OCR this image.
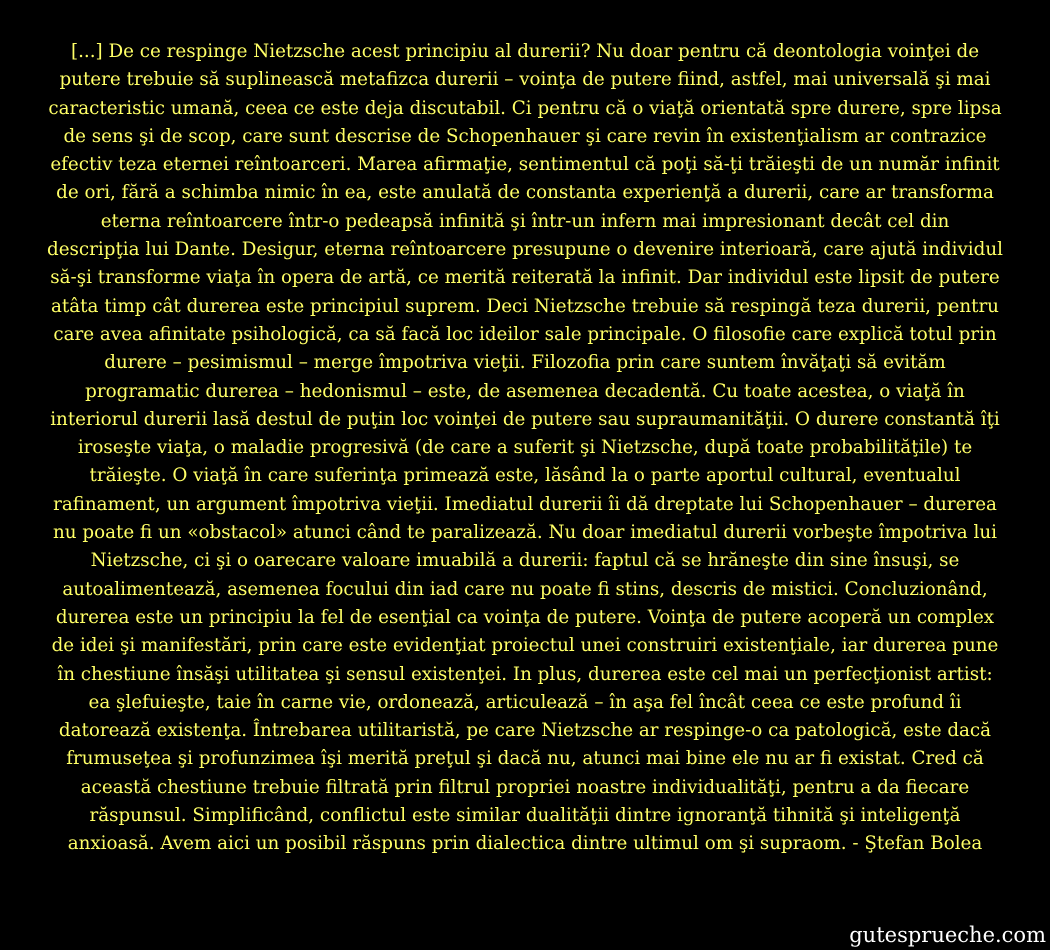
[...] De ce respinge Nietzsche acest principiu al durerii? Nu doar pentru că deontologia voinţei de
putere trebuie să suplinească metafizca durerii – voinţa de putere fiind, astfel, mai universală şi mai
caracteristic umană, ceea ce este deja discutabil. Ci pentru că o viaţă orientată spre durere, spre lipsa
de sens şi de scop, care sunt descrise de Schopenhauer şi care revin în existenţialism ar contrazice
efectiv teza eternei reîntoarceri. Marea afirmaţie, sentimentul că poţi să-ţi trăieşti de un număr infinit
de ori, fără a schimba nimic în ea, este anulată de constanta experienţă a durerii, care ar transforma
eterna reîntoarcere într-o pedeapsă infinită şi într-un infern mai impresionant decât cel din
descripţia lui Dante. Desigur, eterna reîntoarcere presupune o devenire interioară, care ajută individul
să-şi transforme viaţa în opera de artă, ce merită reiterată la infinit. Dar individul este lipsit de putere
atâta timp cât durerea este principiul suprem. Deci Nietzsche trebuie să respingă teza durerii, pentru
care avea afinitate psihologică, ca să facă loc ideilor sale principale. O filosofie care explică totul prin
durere – pesimismul – merge împotriva vieţii. Filozofia prin care suntem învăţaţi să evităm
programatic durerea – hedonismul – este, de asemenea decadentă. Cu toate acestea, o viaţă în
interiorul durerii lasă destul de puţin loc voinţei de putere sau supraumanităţii. O durere constantă îţi
iroseşte viaţa, o maladie progresivă (de care a suferit şi Nietzsche, după toate probabilităţile) te
trăieşte. O viaţă în care suferinţa primează este, lăsând la o parte aportul cultural, eventualul
rafinament, un argument împotriva vieţii. Imediatul durerii îi dă dreptate lui Schopenhauer – durerea
nu poate fi un «obstacol» atunci când te paralizează. Nu doar imediatul durerii vorbeşte împotriva lui
Nietzsche, ci şi o oarecare valoare imuabilă a durerii: faptul că se hrăneşte din sine însuşi, se
autoalimentează, asemenea focului din iad care nu poate fi stins, descris de mistici. Concluzionând,
durerea este un principiu la fel de esenţial ca voinţa de putere. Voinţa de putere acoperă un complex
de idei şi manifestări, prin care este evidenţiat proiectul unei construiri existenţiale, iar durerea pune
în chestiune însăşi utilitatea şi sensul existenţei. In plus, durerea este cel mai un perfecţionist artist:
ea şlefuieşte, taie în carne vie, ordonează, articulează – în aşa fel încât ceea ce este profund îi
datorează existenţa. Întrebarea utilitaristă, pe care Nietzsche ar respinge-o ca patologică, este dacă
frumuseţea şi profunzimea îşi merită preţul şi dacă nu, atunci mai bine ele nu ar fi existat. Cred că
această chestiune trebuie filtrată prin filtrul propriei noastre individualităţi, pentru a da fiecare
răspunsul. Simplificând, conflictul este similar dualităţii dintre ignoranţă tihnită şi inteligenţă
anxioasă. Avem aici un posibil răspuns prin dialectica dintre ultimul om şi supraom. - Ştefan Bolea
gutesprueche.com
